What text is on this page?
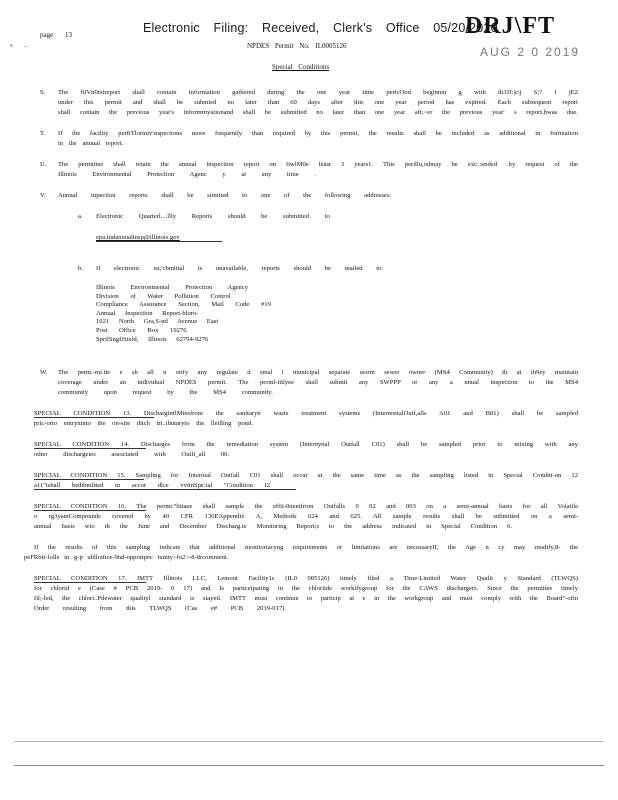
•
page 13	Electronic Filing: Received, Clerk's Office 05/20/2020
DRJ\FT
AUG 2 0 2019
NPDES Permit No. IL0005126
Special Conditions
S. The fiiVn0rstreport shall contain information gathered during the one year time pericOod beginnin g with th3JJ:|c\j S;? f jE2
under this permit and shall be submied no later than 60 days after this one year period has expired. Each subsequent report
shall contain the previous year's informrnyationand shall be submitted no later than one year aft;>er the previous year' s report.bwas due.
T. If the facility perfiTlormiv\nspections more frequently than required by this permit, the results shall be included as additional in formiation
in the annual report.
U. The permittee shall retain the annual inspection report on fiwlM0e least 3 years1. This perillu,odmay be ext:.:ended .by request of the
Illinois Environmental Protection Agenc y at any time .
V. Annual inpection reports shall be simitted to one of the following addresses:
a. Electronic Quarterl....llly Reports should be submitted to
epa.indannualinsp@illinois.gov
b. If electronic su;'cbmittal is unavailable, reports should be mailed to:
Illinois Environmental Protection Agency
Division of Water Pollution Control
Compliance Assurance Section, Mail Code #19
Annual Inspection Report-bloro-
1021 North Gra,S-nd Avenue East
Post Office Box 19276
SprilSngfiSteld, Illinois 62794-9276
W. The perm.-mi.tte e sh all n otify any regulate d smal l municipal separate storm sewer owner (MS4 Community) th at th9ey maintain
coverage under an individual NPDES permit. The perml-ittlyee shall submit any SWPPP or any a nnual inspection to the MS4
community upon request by the MS4 community.
SPECIAL CONDITION 13. DischarginflMtesfrom the sanitaryn waste treatment systems (InternoetalOutf,alls A01 and B01) shall be sampled
pric-orto entryninto the on-site ditch tri..ibutaryto the lletlling pond.
SPECIAL CONDITION 14. Discharges from the remediation system (Internynal Outfall C01) shall be sampled prior to mixing with any
other dischargeies associated with Outfi_all 00.
SPECIAL CONDITION 15. Sampling for Internial Outfall C01 shall occur at the same time as the sampling listed in Special Conditi-on 12
a11"tshall bedtbmltted m accor dlce vvitnSpe:ial "Condition I2
SPECIAL CONDITION 16. The permc"littaee shall sample the effii-0uentfrom Outfalls 0 02 and 003 on a semi-annual basis for all Volatile
o rg3yaniCompounds covered by 40 CFR 136EAppendix A, Methods 624 and 625. All sample results shall be submitted on a semi-
annual basis wio th the June and December Discharg.te Monitoring Report;s to the address indicated in Special Condition 6.
If the results of this sampling indicate that additional monitoriacyng requirements or limitations are necessaryII, the Age n cy may modify,8- the
peFRbit-folle in g-p ublloitice-9nd-opportpec tunity~fo2>-8-8rcomment.
SPECIAL CONDITION 17. IMTT Illinois LLC, Lemont Facility1c (IL0 005126) timely filed a Time-Limited Water Qualit y Standard (TLWQS)
for chlorid e (Case # PCB 2019- 0 17) and Is particeipating in the chloriide workifygroup for the CAWS dischargers. Since the permittee timely
fil;-led, the chlori..Pdewater qualityl standard is stayed. IMTT must continue to particip at e in the workgroup and must comply with the Board"-ofin
Order resulting from this TLWQS (Cas e# PCB 2019-017).
